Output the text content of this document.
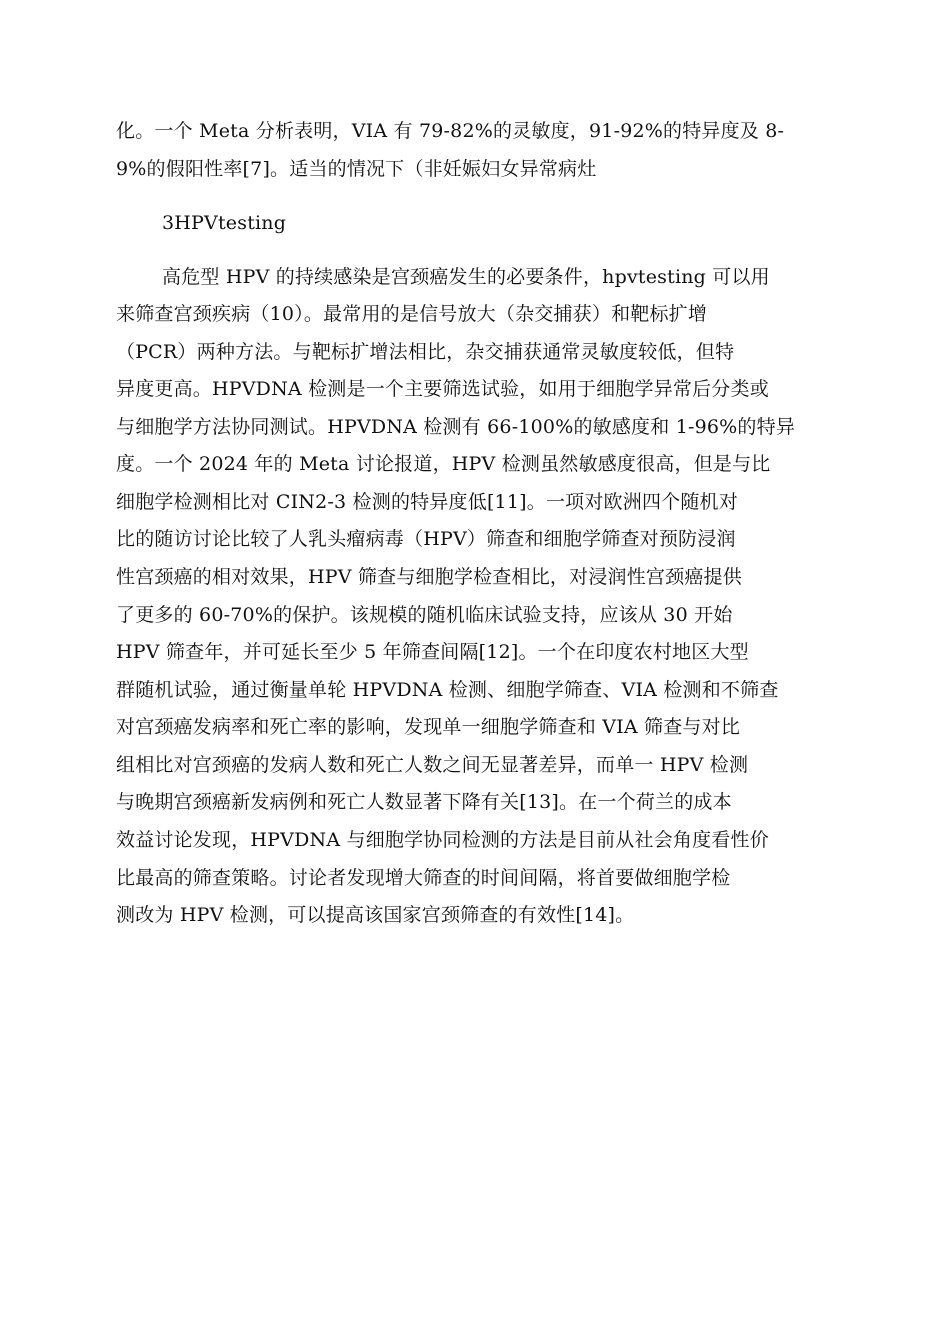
化。一个 Meta 分析表明，VIA 有 79-82%的灵敏度，91-92%的特异度及 8-

9%的假阳性率[7]。适当的情况下（非妊娠妇女异常病灶

3HPVtesting

高危型 HPV 的持续感染是宫颈癌发生的必要条件，hpvtesting 可以用

来筛查宫颈疾病（10）。最常用的是信号放大（杂交捕获）和靶标扩增

（PCR）两种方法。与靶标扩增法相比，杂交捕获通常灵敏度较低，但特

异度更高。HPVDNA 检测是一个主要筛选试验，如用于细胞学异常后分类或

与细胞学方法协同测试。HPVDNA 检测有 66-100%的敏感度和 1-96%的特异

度。一个 2024 年的 Meta 讨论报道，HPV 检测虽然敏感度很高，但是与比

细胞学检测相比对 CIN2-3 检测的特异度低[11]。一项对欧洲四个随机对

比的随访讨论比较了人乳头瘤病毒（HPV）筛查和细胞学筛查对预防浸润

性宫颈癌的相对效果，HPV 筛查与细胞学检查相比，对浸润性宫颈癌提供

了更多的 60-70%的保护。该规模的随机临床试验支持，应该从 30 开始

HPV 筛查年，并可延长至少 5 年筛查间隔[12]。一个在印度农村地区大型

群随机试验，通过衡量单轮 HPVDNA 检测、细胞学筛查、VIA 检测和不筛查

对宫颈癌发病率和死亡率的影响，发现单一细胞学筛查和 VIA 筛查与对比

组相比对宫颈癌的发病人数和死亡人数之间无显著差异，而单一 HPV 检测

与晚期宫颈癌新发病例和死亡人数显著下降有关[13]。在一个荷兰的成本

效益讨论发现，HPVDNA 与细胞学协同检测的方法是目前从社会角度看性价

比最高的筛查策略。讨论者发现增大筛查的时间间隔，将首要做细胞学检

测改为 HPV 检测，可以提高该国家宫颈筛查的有效性[14]。
